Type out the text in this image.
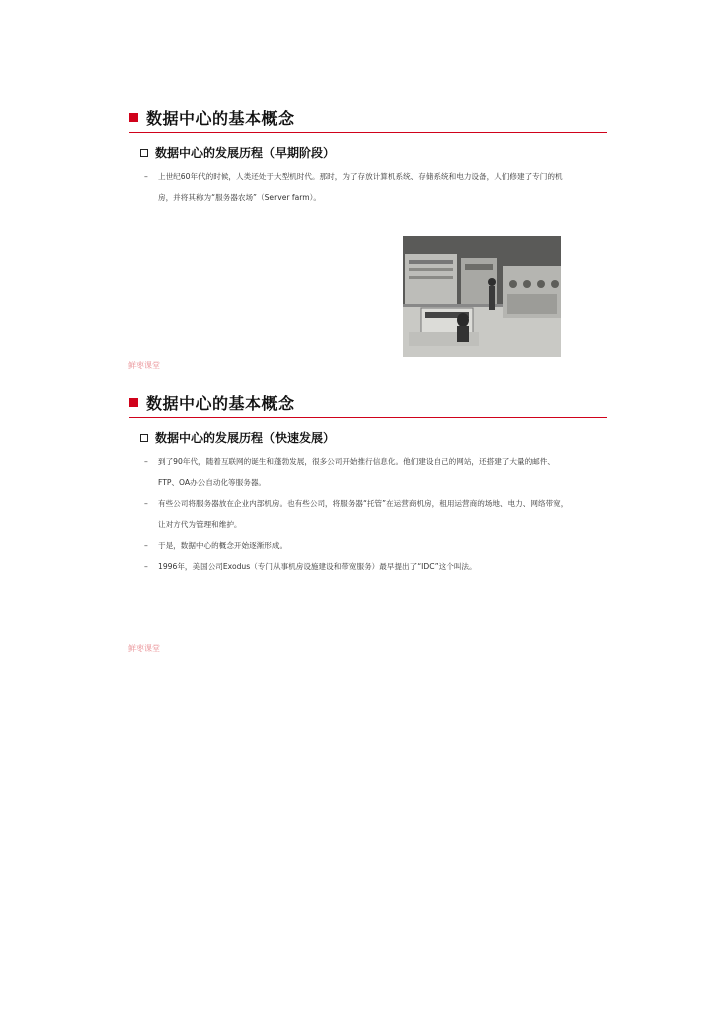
数据中心的基本概念
数据中心的发展历程（早期阶段）
– 上世纪60年代的时候，人类还处于大型机时代。那时，为了存放计算机系统、存储系统和电力设备，人们修建了专门的机房，并将其称为“服务器农场”（Server farm）。
鲜枣课堂
数据中心的基本概念
数据中心的发展历程（快速发展）
– 到了90年代，随着互联网的诞生和蓬勃发展，很多公司开始推行信息化。他们建设自己的网站，还搭建了大量的邮件、FTP、OA办公自动化等服务器。
– 有些公司将服务器放在企业内部机房。也有些公司，将服务器“托管”在运营商机房，租用运营商的场地、电力、网络带宽，让对方代为管理和维护。
– 于是，数据中心的概念开始逐渐形成。
– 1996年，美国公司Exodus（专门从事机房设施建设和带宽服务）最早提出了“IDC”这个叫法。
鲜枣课堂
